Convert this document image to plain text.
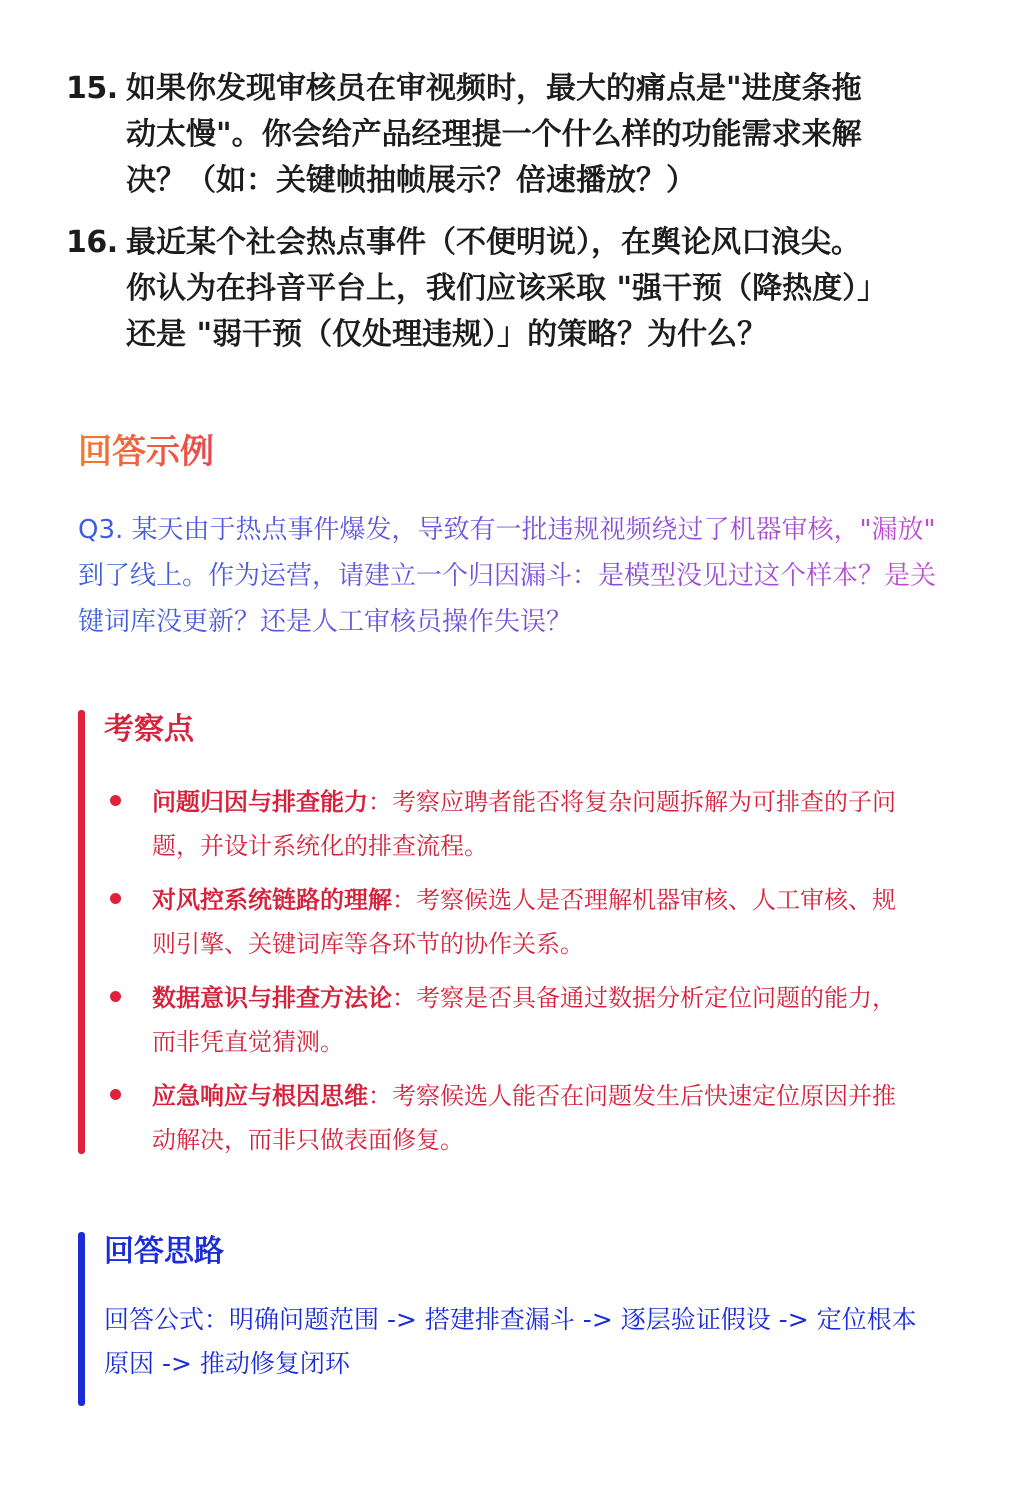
15. 如果你发现审核员在审视频时，最大的痛点是"进度条拖动太慢"。你会给产品经理提一个什么样的功能需求来解决？（如：关键帧抽帧展示？倍速播放？）
16. 最近某个社会热点事件（不便明说），在舆论风口浪尖。你认为在抖音平台上，我们应该采取 "强干预（降热度）」还是 "弱干预（仅处理违规）」的策略？为什么？
回答示例
Q3. 某天由于热点事件爆发，导致有一批违规视频绕过了机器审核，"漏放" 到了线上。作为运营，请建立一个归因漏斗：是模型没见过这个样本？是关键词库没更新？还是人工审核员操作失误？
考察点
问题归因与排查能力：考察应聘者能否将复杂问题拆解为可排查的子问题，并设计系统化的排查流程。
对风控系统链路的理解：考察候选人是否理解机器审核、人工审核、规则引擎、关键词库等各环节的协作关系。
数据意识与排查方法论：考察是否具备通过数据分析定位问题的能力，而非凭直觉猜测。
应急响应与根因思维：考察候选人能否在问题发生后快速定位原因并推动解决，而非只做表面修复。
回答思路
回答公式：明确问题范围 -> 搭建排查漏斗 -> 逐层验证假设 -> 定位根本原因 -> 推动修复闭环
